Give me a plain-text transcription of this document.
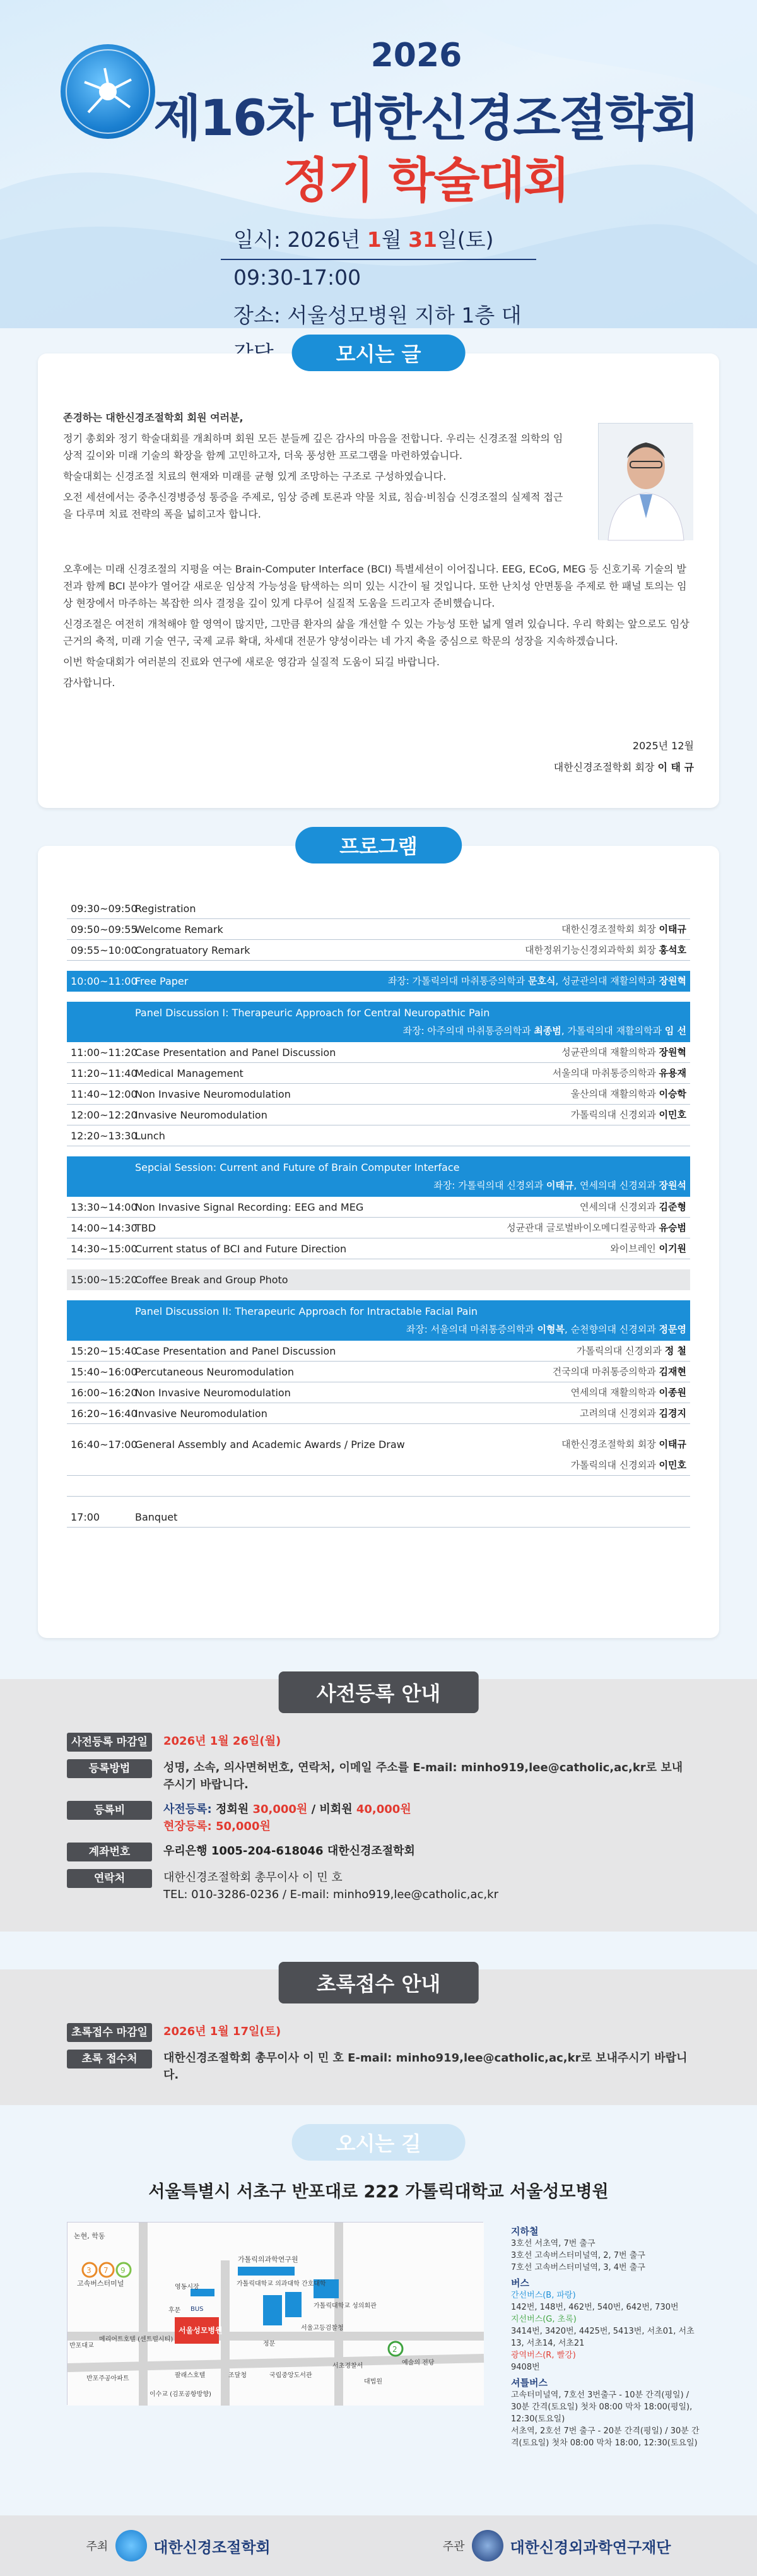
2026
제16차 대한신경조절학회
정기 학술대회
일시: 2026년 1월 31일(토) 09:30-17:00
장소: 서울성모병원 지하 1층 대
모시는 글

존경하는 대한신경조절학회 회원 여러분,

정기 총회와 정기 학술대회를 개최하며 회원 모든 분들께 깊은 감사의 마음을 전합니다. 우리는 신경조절 의학의 임상적 깊이와 미래 기술의 확장을 함께 고민하고자, 더욱 풍성한 프로그램을 마련하였습니다.

학술대회는 신경조절 치료의 현재와 미래를 균형 있게 조망하는 구조로 구성하였습니다.

오전 세션에서는 중추신경병증성 통증을 주제로, 임상 증례 토론과 약물 치료, 침습·비침습 신경조절의 실제적 접근을 다루며 치료 전략의 폭을 넓히고자 합니다.

오후에는 미래 신경조절의 지평을 여는 Brain-Computer Interface (BCI) 특별세션이 이어집니다. EEG, ECoG, MEG 등 신호기록 기술의 발전과 함께 BCI 분야가 열어갈 새로운 임상적 가능성을 탐색하는 의미 있는 시간이 될 것입니다. 또한 난치성 안면통을 주제로 한 패널 토의는 임상 현장에서 마주하는 복잡한 의사 결정을 깊이 있게 다루어 실질적 도움을 드리고자 준비했습니다.

신경조절은 여전히 개척해야 할 영역이 많지만, 그만큼 환자의 삶을 개선할 수 있는 가능성 또한 넓게 열려 있습니다. 우리 학회는 앞으로도 임상 근거의 축적, 미래 기술 연구, 국제 교류 확대, 차세대 전문가 양성이라는 네 가지 축을 중심으로 학문의 성장을 지속하겠습니다.

이번 학술대회가 여러분의 진료와 연구에 새로운 영감과 실질적 도움이 되길 바랍니다.

감사합니다.

2025년 12월
대한신경조절학회 회장 이 태 규
프로그램
09:30~09:50
Registration
09:50~09:55
Welcome Remark	대한신경조절학회 회장 이태규
09:55~10:00
Congratuatory Remark	대한정위기능신경외과학회 회장 홍석호
10:00~11:00
Free Paper	좌장: 가톨릭의대 마취통증의학과 문호식, 성균관의대 재활의학과 장원혁
Panel Discussion I: Therapeuric Approach for Central Neuropathic Pain
좌장: 아주의대 마취통증의학과 최종범, 가톨릭의대 재활의학과 임 선
11:00~11:20
Case Presentation and Panel Discussion	성균관의대 재활의학과 장원혁
11:20~11:40
Medical Management	서울의대 마취통증의학과 유용재
11:40~12:00
Non Invasive Neuromodulation	울산의대 재활의학과 이승학
12:00~12:20
Invasive Neuromodulation	가톨릭의대 신경외과 이민호
12:20~13:30
Lunch
Sepcial Session: Current and Future of Brain Computer Interface
좌장: 가톨릭의대 신경외과 이태규, 연세의대 신경외과 장원석
13:30~14:00
Non Invasive Signal Recording: EEG and MEG	연세의대 신경외과 김준형
14:00~14:30
TBD	성균관대 글로벌바이오메디컬공학과 유승범
14:30~15:00
Current status of BCI and Future Direction	와이브레인 이기원
15:00~15:20
Coffee Break and Group Photo
Panel Discussion II: Therapeuric Approach for Intractable Facial Pain
좌장: 서울의대 마취통증의학과 이형복, 순천향의대 신경외과 정문영
15:20~15:40
Case Presentation and Panel Discussion	가톨릭의대 신경외과 정 철
15:40~16:00
Percutaneous Neuromodulation	건국의대 마취통증의학과 김재현
16:00~16:20
Non Invasive Neuromodulation	연세의대 재활의학과 이종원
16:20~16:40
Invasive Neuromodulation	고려의대 신경외과 김경지
16:40~17:00
General Assembly and Academic Awards / Prize Draw	대한신경조절학회 회장 이태규
가톨릭의대 신경외과 이민호
17:00	Banquet
사전등록 안내
사전등록 마감일	2026년 1월 26일(월)
등록방법	성명, 소속, 의사면허번호, 연락처, 이메일 주소를 E-mail: minho919,lee@catholic,ac,kr로 보내주시기 바랍니다.
등록비	사전등록: 정회원 30,000원 / 비회원 40,000원
현장등록: 50,000원
계좌번호	우리은행 1005-204-618046 대한신경조절학회
연락처	대한신경조절학회 총무이사 이 민 호
TEL: 010-3286-0236 / E-mail: minho919,lee@catholic,ac,kr
초록접수 안내
초록접수 마감일	2026년 1월 17일(토)
초록 접수처	대한신경조절학회 총무이사 이 민 호 E-mail: minho919,lee@catholic,ac,kr로 보내주시기 바랍니다.
오시는 길
서울특별시 서초구 반포대로 222 가톨릭대학교 서울성모병원
3 7 9
2
논현, 학동
고속버스터미널
가톨릭의과학연구원
서울성모병원
BUS
가톨릭대학교 의과대학 간호대학
가톨릭대학교 성의회관
서울고등검찰청
정문
반포대교
메리어트호텔 (센트럴시티)
반포주공아파트
이수교 (김포공항방향)
팔래스호텔	조달청	국립중앙도서관
서초경찰서	예술의 전당
대법원
영동시장
후문
지하철
3호선 서초역, 7번 출구
3호선 고속버스터미널역, 2, 7번 출구
7호선 고속버스터미널역, 3, 4번 출구
버스
간선버스(B, 파랑)
142번, 148번, 462번, 540번, 642번, 730번
지선버스(G, 초록)
3414번, 3420번, 4425번, 5413번, 서초01, 서초13, 서초14, 서초21
광역버스(R, 빨강)
9408번
셔틀버스
고속터미널역, 7호선 3번출구 - 10분 간격(평일) / 30분 간격(토요일) 첫차 08:00 막차 18:00(평일), 12:30(토요일)
서초역, 2호선 7번 출구 - 20분 간격(평일) / 30분 간격(토요일) 첫차 08:00 막차 18:00, 12:30(토요일)
주최	대한신경조절학회	주관	대한신경외과학연구재단
